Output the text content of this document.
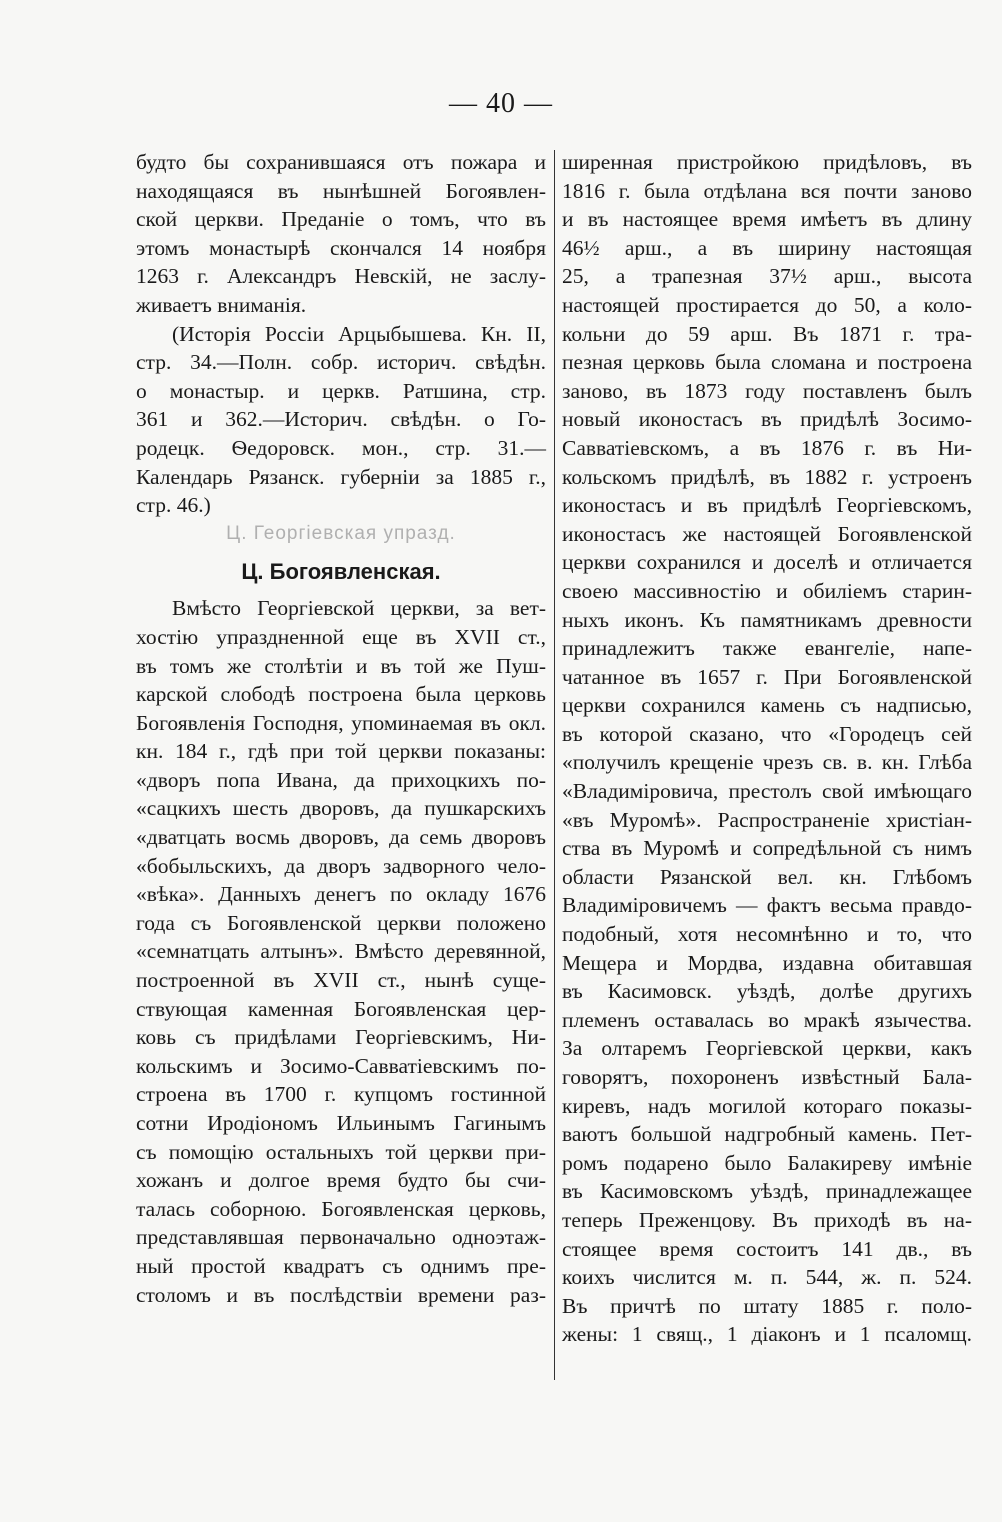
— 40 —
будто бы сохранившаяся отъ пожара и
находящаяся въ нынѣшней Богоявлен-
ской церкви. Преданіе о томъ, что въ
этомъ монастырѣ скончался 14 ноября
1263 г. Александръ Невскій, не заслу-
живаетъ вниманія.
(Исторія Россіи Арцыбышева. Кн. II,
стр. 34.—Полн. собр. историч. свѣдѣн.
о монастыр. и церкв. Ратшина, стр.
361 и 362.—Историч. свѣдѣн. о Го-
родецк. Ѳедоровск. мон., стр. 31.—
Календарь Рязанск. губерніи за 1885 г.,
стр. 46.)
Ц. Георгіевская упразд.
Ц. Богоявленская.
Вмѣсто Георгіевской церкви, за вет-
хостію упраздненной еще въ XVII ст.,
въ томъ же столѣтіи и въ той же Пуш-
карской слободѣ построена была церковь
Богоявленія Господня, упоминаемая въ окл.
кн. 184 г., гдѣ при той церкви показаны:
«дворъ попа Ивана, да прихоцкихъ по-
«сацкихъ шесть дворовъ, да пушкарскихъ
«дватцать восмь дворовъ, да семь дворовъ
«бобыльскихъ, да дворъ задворного чело-
«вѣка». Данныхъ денегъ по окладу 1676
года съ Богоявленской церкви положено
«семнатцать алтынъ». Вмѣсто деревянной,
построенной въ XVII ст., нынѣ суще-
ствующая каменная Богоявленская цер-
ковь съ придѣлами Георгіевскимъ, Ни-
кольскимъ и Зосимо-Савватіевскимъ по-
строена въ 1700 г. купцомъ гостинной
сотни Иродіономъ Ильинымъ Гагинымъ
съ помощію остальныхъ той церкви при-
хожанъ и долгое время будто бы счи-
талась соборною. Богоявленская церковь,
представлявшая первоначально одноэтаж-
ный простой квадратъ съ однимъ пре-
столомъ и въ послѣдствіи времени раз-
ширенная пристройкою придѣловъ, въ
1816 г. была отдѣлана вся почти заново
и въ настоящее время имѣетъ въ длину
46½ арш., а въ ширину настоящая
25, а трапезная 37½ арш., высота
настоящей простирается до 50, а коло-
кольни до 59 арш. Въ 1871 г. тра-
пезная церковь была сломана и построена
заново, въ 1873 году поставленъ былъ
новый иконостасъ въ придѣлѣ Зосимо-
Савватіевскомъ, а въ 1876 г. въ Ни-
кольскомъ придѣлѣ, въ 1882 г. устроенъ
иконостасъ и въ придѣлѣ Георгіевскомъ,
иконостасъ же настоящей Богоявленской
церкви сохранился и доселѣ и отличается
своею массивностію и обиліемъ старин-
ныхъ иконъ. Къ памятникамъ древности
принадлежитъ также евангеліе, напе-
чатанное въ 1657 г. При Богоявленской
церкви сохранился камень съ надписью,
въ которой сказано, что «Городецъ сей
«получилъ крещеніе чрезъ св. в. кн. Глѣба
«Владиміровича, престолъ свой имѣющаго
«въ Муромѣ». Распространеніе христіан-
ства въ Муромѣ и сопредѣльной съ нимъ
области Рязанской вел. кн. Глѣбомъ
Владиміровичемъ — фактъ весьма правдо-
подобный, хотя несомнѣнно и то, что
Мещера и Мордва, издавна обитавшая
въ Касимовск. уѣздѣ, долѣе другихъ
племенъ оставалась во мракѣ язычества.
За олтаремъ Георгіевской церкви, какъ
говорятъ, похороненъ извѣстный Бала-
киревъ, надъ могилой котораго показы-
ваютъ большой надгробный камень. Пет-
ромъ подарено было Балакиреву имѣніе
въ Касимовскомъ уѣздѣ, принадлежащее
теперь Преженцову. Въ приходѣ въ на-
стоящее время состоитъ 141 дв., въ
коихъ числится м. п. 544, ж. п. 524.
Въ причтѣ по штату 1885 г. поло-
жены: 1 свящ., 1 діаконъ и 1 псаломщ.
